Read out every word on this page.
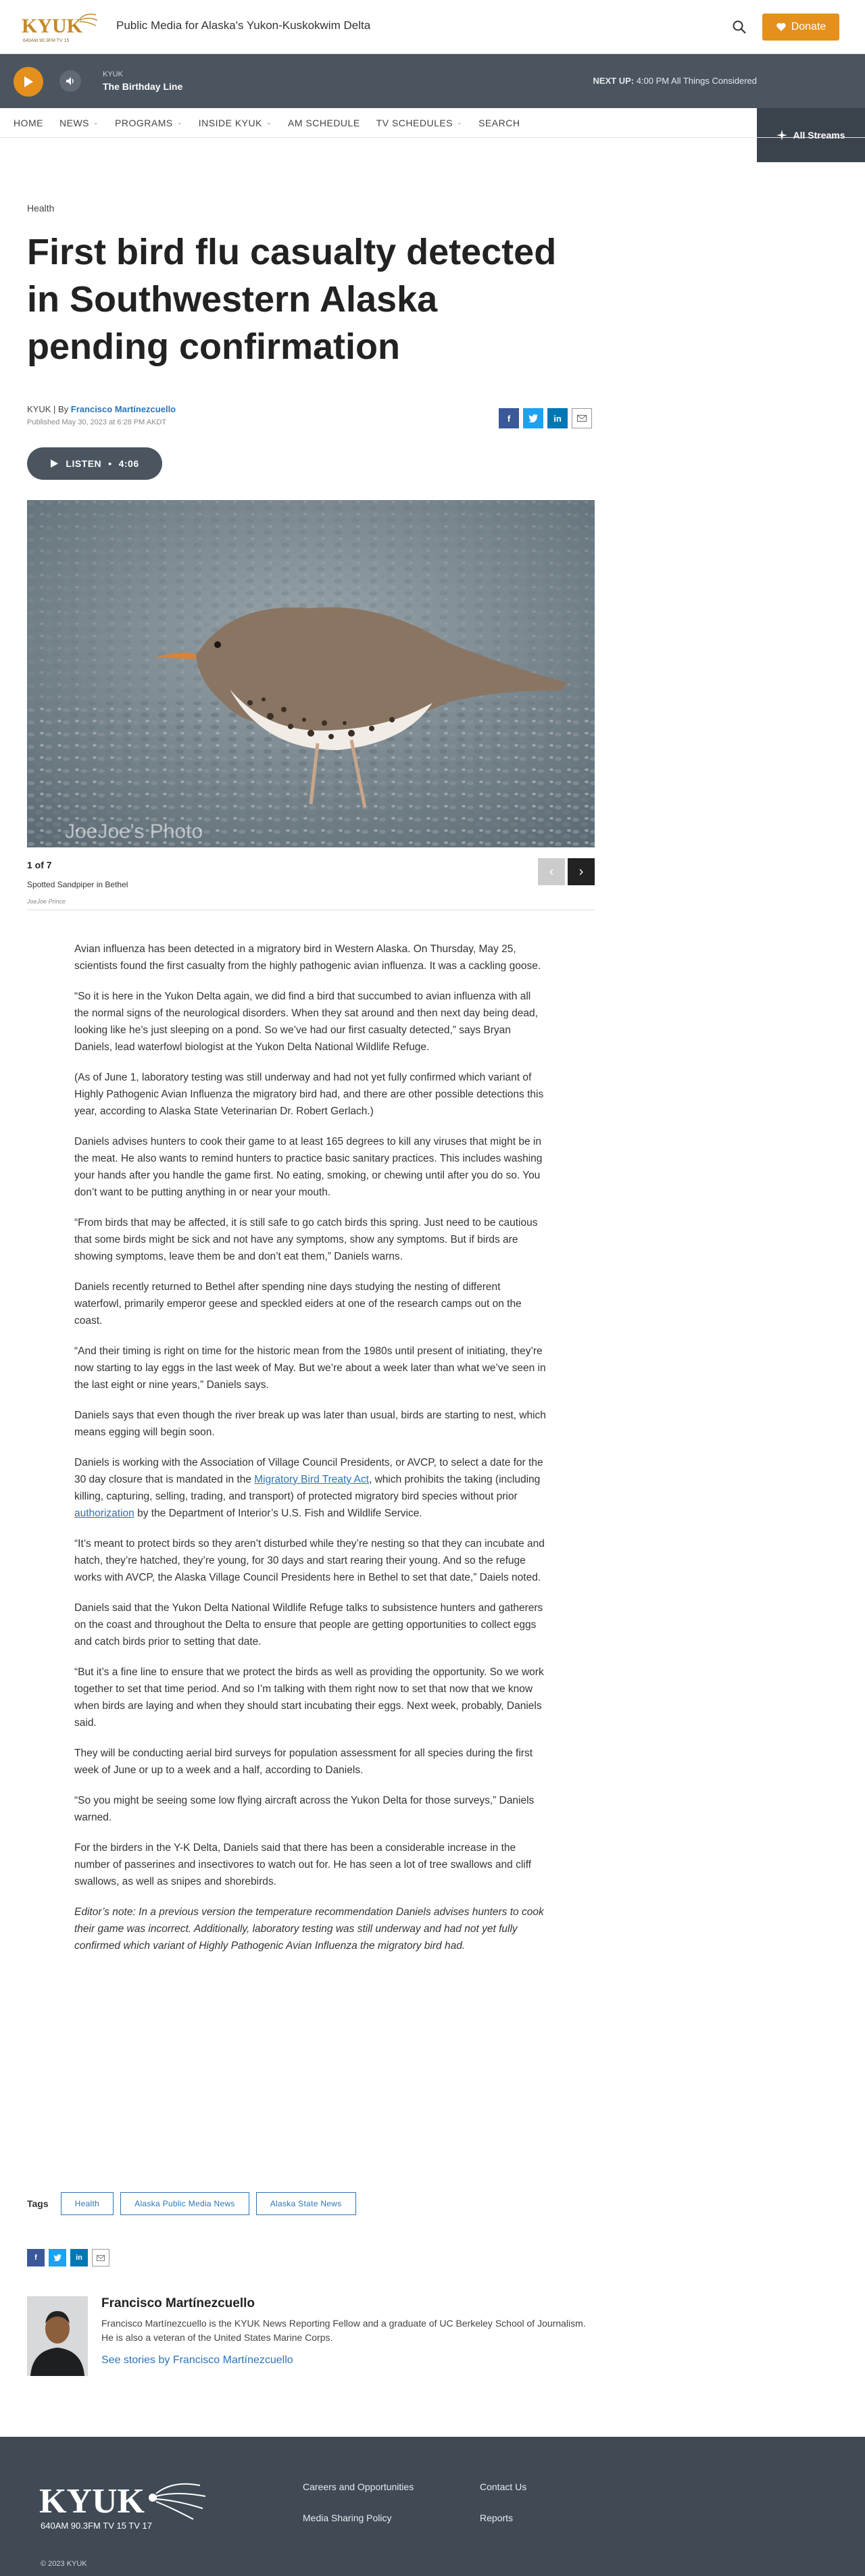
KYUK
640AM 90.3FM TV 15
Public Media for Alaska's Yukon-Kuskokwim Delta	Donate
KYUK
The Birthday Line
NEXT UP: 4:00 PM All Things Considered
All Streams
HOME NEWS ⌄ PROGRAMS ⌄ INSIDE KYUK ⌄ AM SCHEDULE TV SCHEDULES ⌄ SEARCH
Health
First bird flu casualty detected in Southwestern Alaska pending confirmation
KYUK | By Francisco Martínezcuello
Published May 30, 2023 at 6:28 PM AKDT	f	in
LISTEN • 4:06
JoeJoe's Photo
1 of 7
Spotted Sandpiper in Bethel
JoeJoe Prince
‹ ›

Avian influenza has been detected in a migratory bird in Western Alaska. On Thursday, May 25, scientists found the first casualty from the highly pathogenic avian influenza. It was a cackling goose.

“So it is here in the Yukon Delta again, we did find a bird that succumbed to avian influenza with all the normal signs of the neurological disorders. When they sat around and then next day being dead, looking like he’s just sleeping on a pond. So we’ve had our first casualty detected,” says Bryan Daniels, lead waterfowl biologist at the Yukon Delta National Wildlife Refuge.

(As of June 1, laboratory testing was still underway and had not yet fully confirmed which variant of Highly Pathogenic Avian Influenza the migratory bird had, and there are other possible detections this year, according to Alaska State Veterinarian Dr. Robert Gerlach.)

Daniels advises hunters to cook their game to at least 165 degrees to kill any viruses that might be in the meat. He also wants to remind hunters to practice basic sanitary practices. This includes washing your hands after you handle the game first. No eating, smoking, or chewing until after you do so. You don’t want to be putting anything in or near your mouth.

“From birds that may be affected, it is still safe to go catch birds this spring. Just need to be cautious that some birds might be sick and not have any symptoms, show any symptoms. But if birds are showing symptoms, leave them be and don’t eat them,” Daniels warns.

Daniels recently returned to Bethel after spending nine days studying the nesting of different waterfowl, primarily emperor geese and speckled eiders at one of the research camps out on the coast.

“And their timing is right on time for the historic mean from the 1980s until present of initiating, they’re now starting to lay eggs in the last week of May. But we’re about a week later than what we’ve seen in the last eight or nine years,” Daniels says.

Daniels says that even though the river break up was later than usual, birds are starting to nest, which means egging will begin soon.

Daniels is working with the Association of Village Council Presidents, or AVCP, to select a date for the 30 day closure that is mandated in the Migratory Bird Treaty Act, which prohibits the taking (including killing, capturing, selling, trading, and transport) of protected migratory bird species without prior authorization by the Department of Interior’s U.S. Fish and Wildlife Service.

“It’s meant to protect birds so they aren’t disturbed while they’re nesting so that they can incubate and hatch, they’re hatched, they’re young, for 30 days and start rearing their young. And so the refuge works with AVCP, the Alaska Village Council Presidents here in Bethel to set that date,” Daiels noted.

Daniels said that the Yukon Delta National Wildlife Refuge talks to subsistence hunters and gatherers on the coast and throughout the Delta to ensure that people are getting opportunities to collect eggs and catch birds prior to setting that date.

“But it’s a fine line to ensure that we protect the birds as well as providing the opportunity. So we work together to set that time period. And so I’m talking with them right now to set that now that we know when birds are laying and when they should start incubating their eggs. Next week, probably, Daniels said.

They will be conducting aerial bird surveys for population assessment for all species during the first week of June or up to a week and a half, according to Daniels.

“So you might be seeing some low flying aircraft across the Yukon Delta for those surveys,” Daniels warned.

For the birders in the Y-K Delta, Daniels said that there has been a considerable increase in the number of passerines and insectivores to watch out for. He has seen a lot of tree swallows and cliff swallows, as well as snipes and shorebirds.

Editor’s note: In a previous version the temperature recommendation Daniels advises hunters to cook their game was incorrect. Additionally, laboratory testing was still underway and had not yet fully confirmed which variant of Highly Pathogenic Avian Influenza the migratory bird had.

Tags	Health	Alaska Public Media News	Alaska State News
f	in
Francisco Martínezcuello
Francisco Martínezcuello is the KYUK News Reporting Fellow and a graduate of UC Berkeley School of Journalism. He is also a veteran of the United States Marine Corps.
See stories by Francisco Martínezcuello
KYUK
640AM 90.3FM TV 15 TV 17
Careers and Opportunities	Contact Us
Media Sharing Policy	Reports
© 2023 KYUK
